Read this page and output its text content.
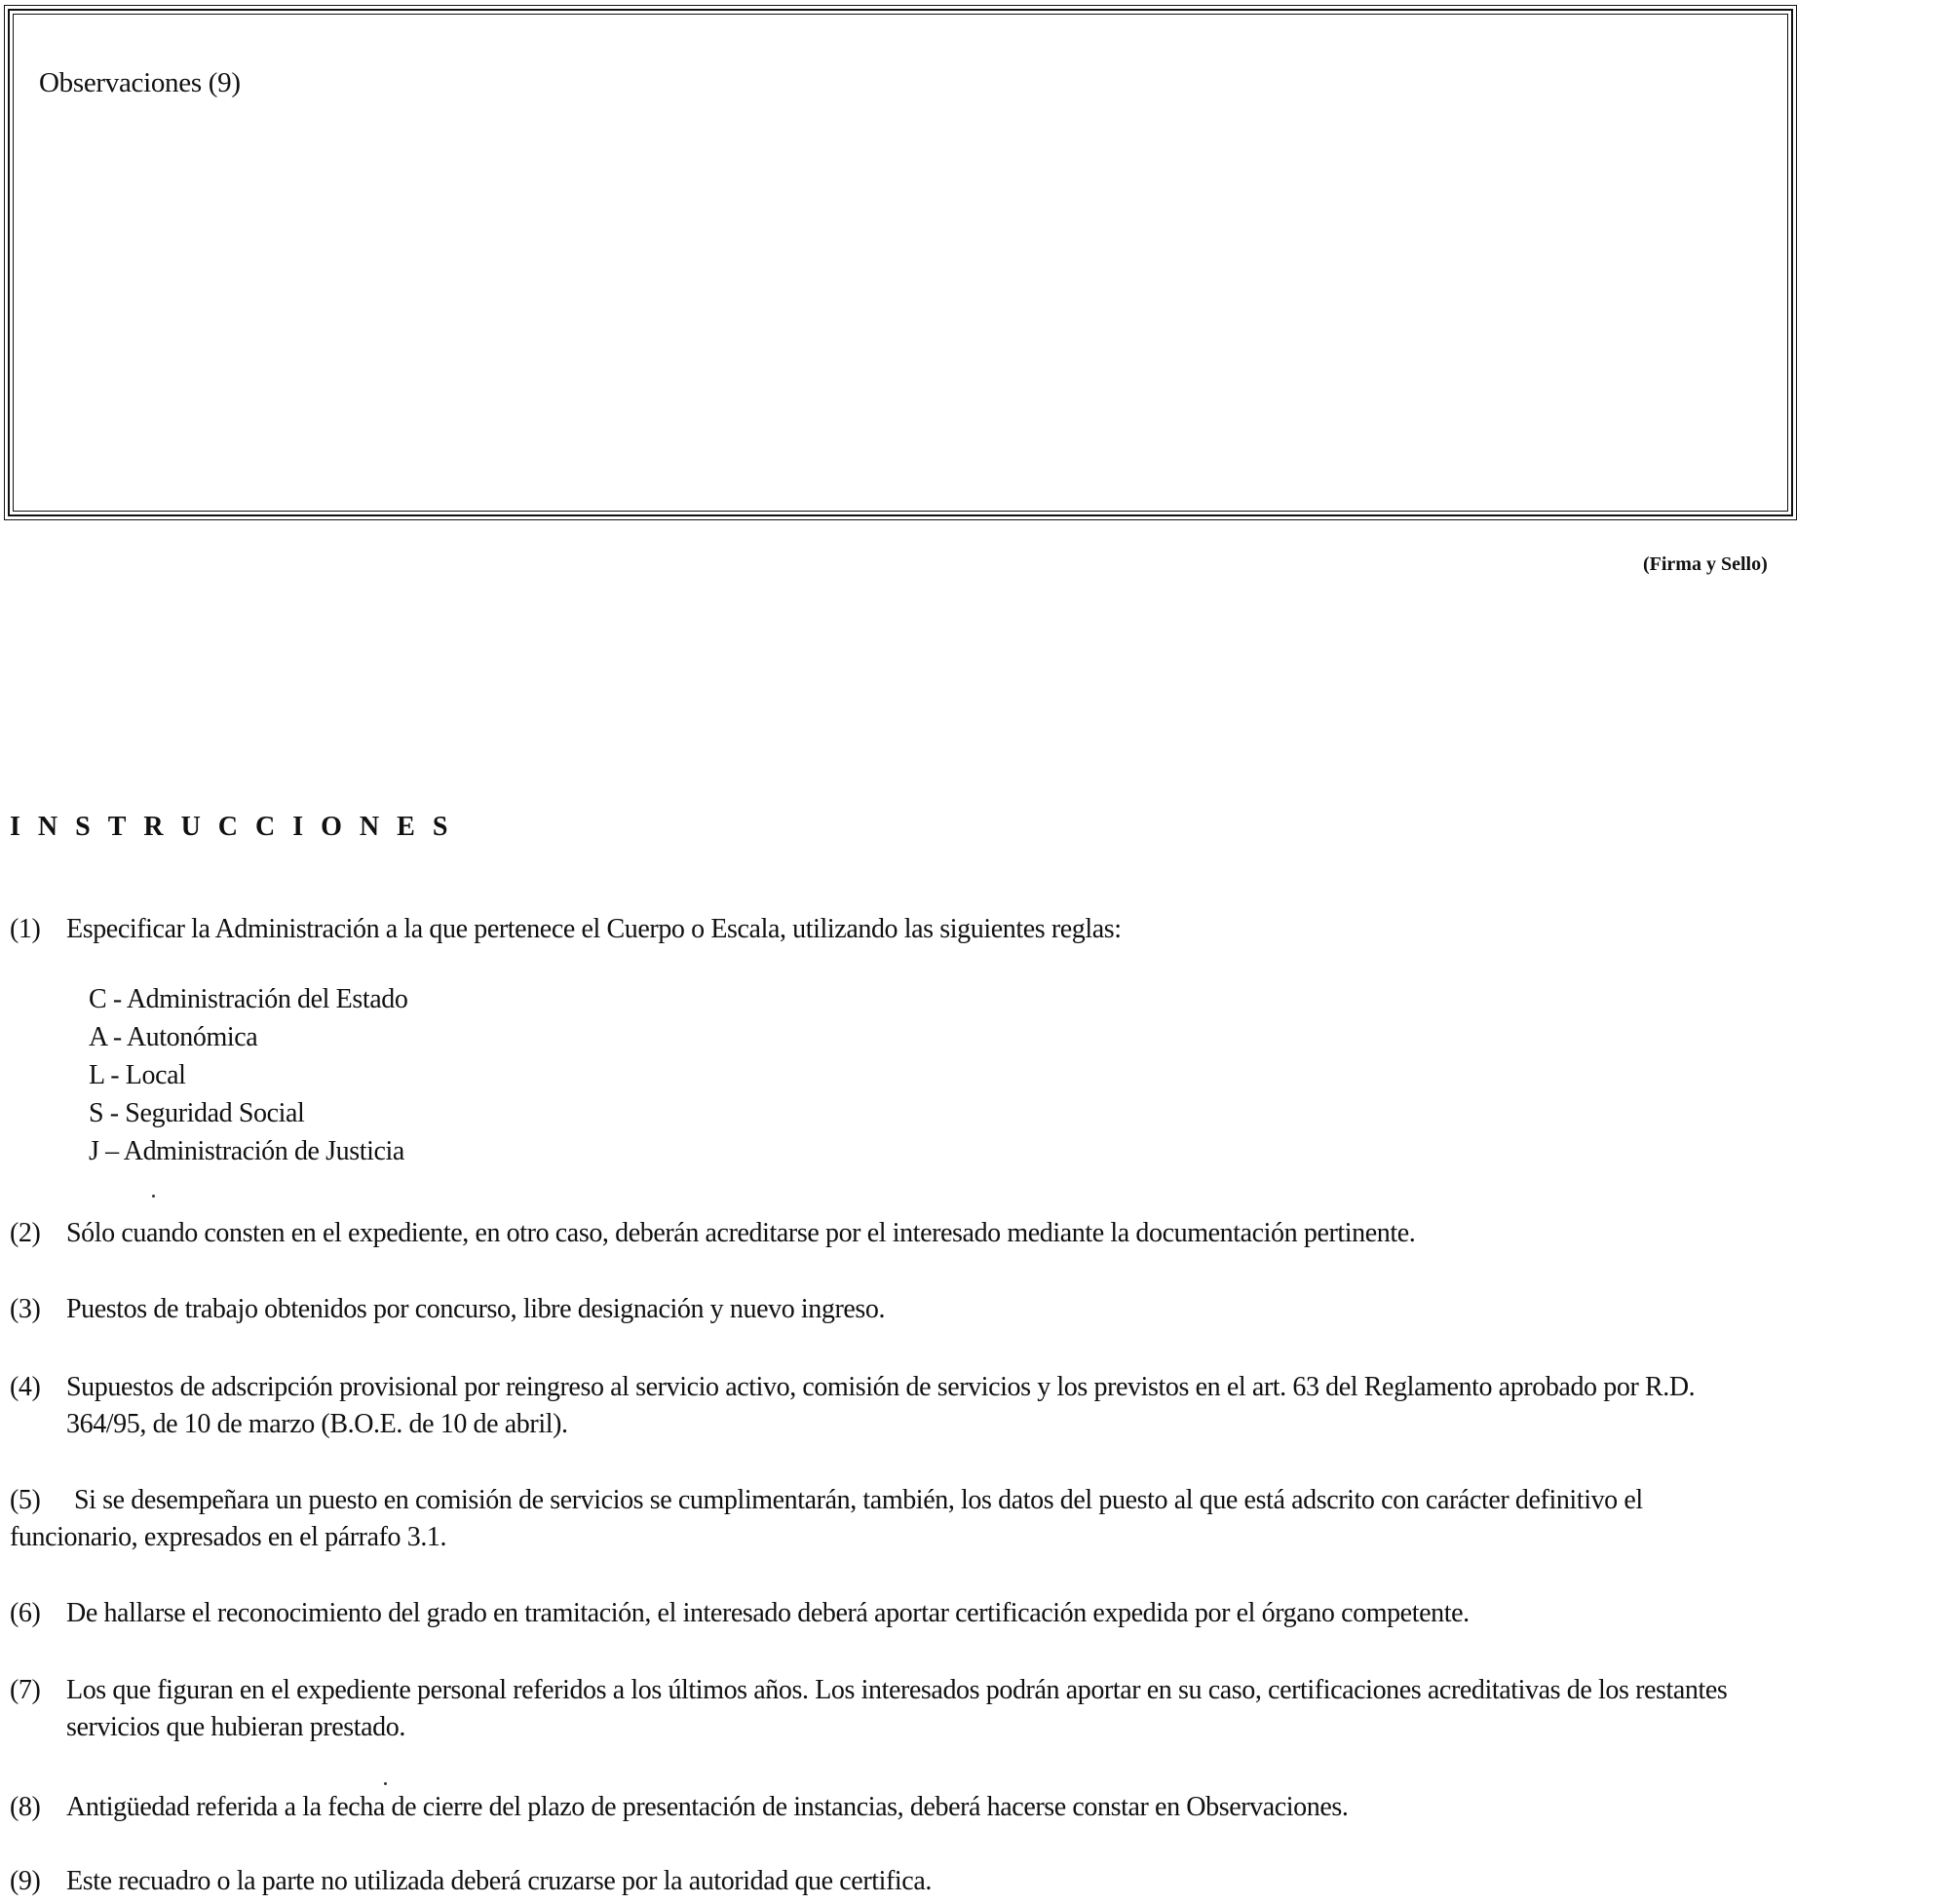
Observaciones (9)
(Firma y Sello)
INSTRUCCIONES
(1) Especificar la Administración a la que pertenece el Cuerpo o Escala, utilizando las siguientes reglas:
C - Administración del Estado
A - Autonómica
L - Local
S - Seguridad Social
J – Administración de Justicia
(2) Sólo cuando consten en el expediente, en otro caso, deberán acreditarse por el interesado mediante la documentación pertinente.
(3) Puestos de trabajo obtenidos por concurso, libre designación y nuevo ingreso.
(4) Supuestos de adscripción provisional por reingreso al servicio activo, comisión de servicios y los previstos en el art. 63 del Reglamento aprobado por R.D.
364/95, de 10 de marzo (B.O.E. de 10 de abril).
(5) Si se desempeñara un puesto en comisión de servicios se cumplimentarán, también, los datos del puesto al que está adscrito con carácter definitivo el
funcionario, expresados en el párrafo 3.1.
(6) De hallarse el reconocimiento del grado en tramitación, el interesado deberá aportar certificación expedida por el órgano competente.
(7) Los que figuran en el expediente personal referidos a los últimos años. Los interesados podrán aportar en su caso, certificaciones acreditativas de los restantes
servicios que hubieran prestado.
(8) Antigüedad referida a la fecha de cierre del plazo de presentación de instancias, deberá hacerse constar en Observaciones.
(9) Este recuadro o la parte no utilizada deberá cruzarse por la autoridad que certifica.
